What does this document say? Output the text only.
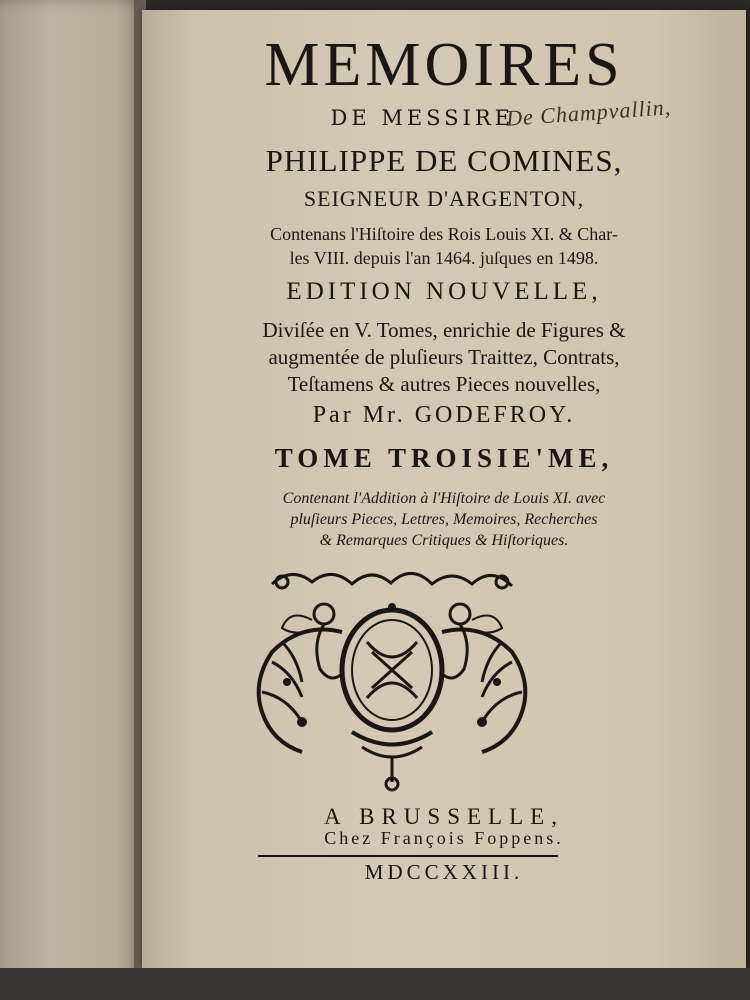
MEMOIRES

DE MESSIRE

De Champvallin,

PHILIPPE DE COMINES,

SEIGNEUR D'ARGENTON,

Contenans l'Hiſtoire des Rois Louis XI. & Char-
les VIII. depuis l'an 1464. juſques en 1498.

EDITION NOUVELLE,

Diviſée en V. Tomes, enrichie de Figures &
augmentée de pluſieurs Traittez, Contrats,
Teſtamens & autres Pieces nouvelles,

Par Mr. GODEFROY.

TOME TROISIE'ME,

Contenant l'Addition à l'Hiſtoire de Louis XI. avec
pluſieurs Pieces, Lettres, Memoires, Recherches
& Remarques Critiques & Hiſtoriques.

A BRUSSELLE,

Chez François Foppens.

MDCCXXIII.
